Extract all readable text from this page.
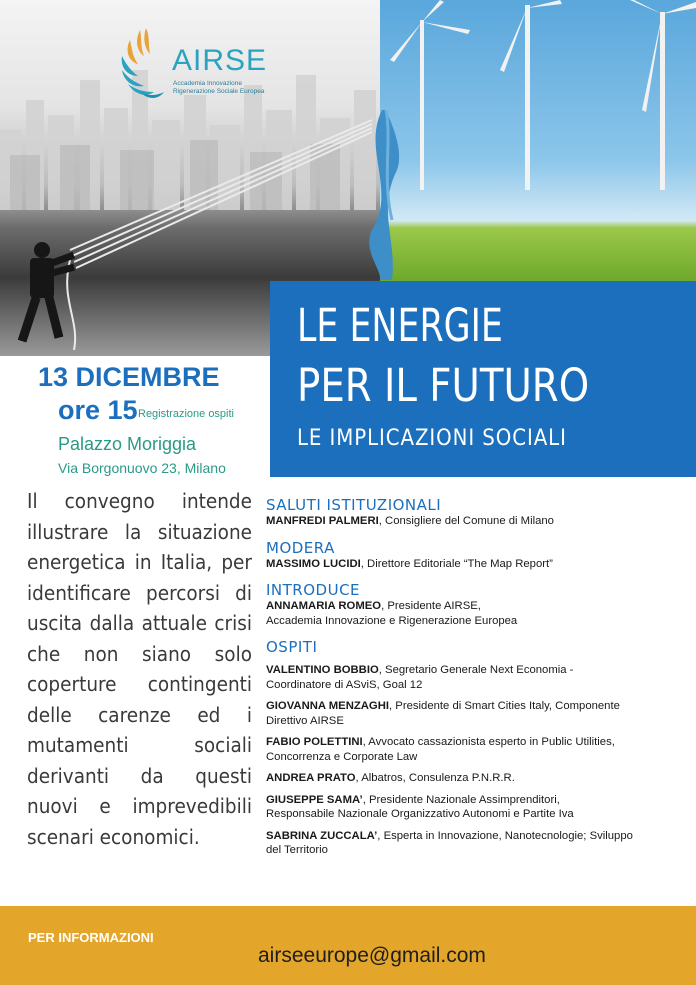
AIRSE
Accademia Innovazione
Rigenerazione Sociale Europea
LE ENERGIE
PER IL FUTURO
LE IMPLICAZIONI SOCIALI
13 DICEMBRE
ore 15 Registrazione ospiti
Palazzo Moriggia
Via Borgonuovo 23, Milano
Il convegno intende illustrare la situazione energetica in Italia, per identificare percorsi di uscita dalla attuale crisi che non siano solo coperture contingenti delle carenze ed i mutamenti sociali derivanti da questi nuovi e imprevedibili scenari economici.

SALUTI ISTITUZIONALI

MANFREDI PALMERI, Consigliere del Comune di Milano

MODERA

MASSIMO LUCIDI, Direttore Editoriale “The Map Report”

INTRODUCE

ANNAMARIA ROMEO, Presidente AIRSE,
Accademia Innovazione e Rigenerazione Europea

OSPITI

VALENTINO BOBBIO, Segretario Generale Next Economia -
Coordinatore di ASviS, Goal 12

GIOVANNA MENZAGHI, Presidente di Smart Cities Italy, Componente
Direttivo AIRSE

FABIO POLETTINI, Avvocato cassazionista esperto in Public Utilities,
Concorrenza e Corporate Law

ANDREA PRATO, Albatros, Consulenza P.N.R.R.

GIUSEPPE SAMA’, Presidente Nazionale Assimprenditori,
Responsabile Nazionale Organizzativo Autonomi e Partite Iva

SABRINA ZUCCALA’, Esperta in Innovazione, Nanotecnologie; Sviluppo
del Territorio

PER INFORMAZIONI
airseeurope@gmail.com
